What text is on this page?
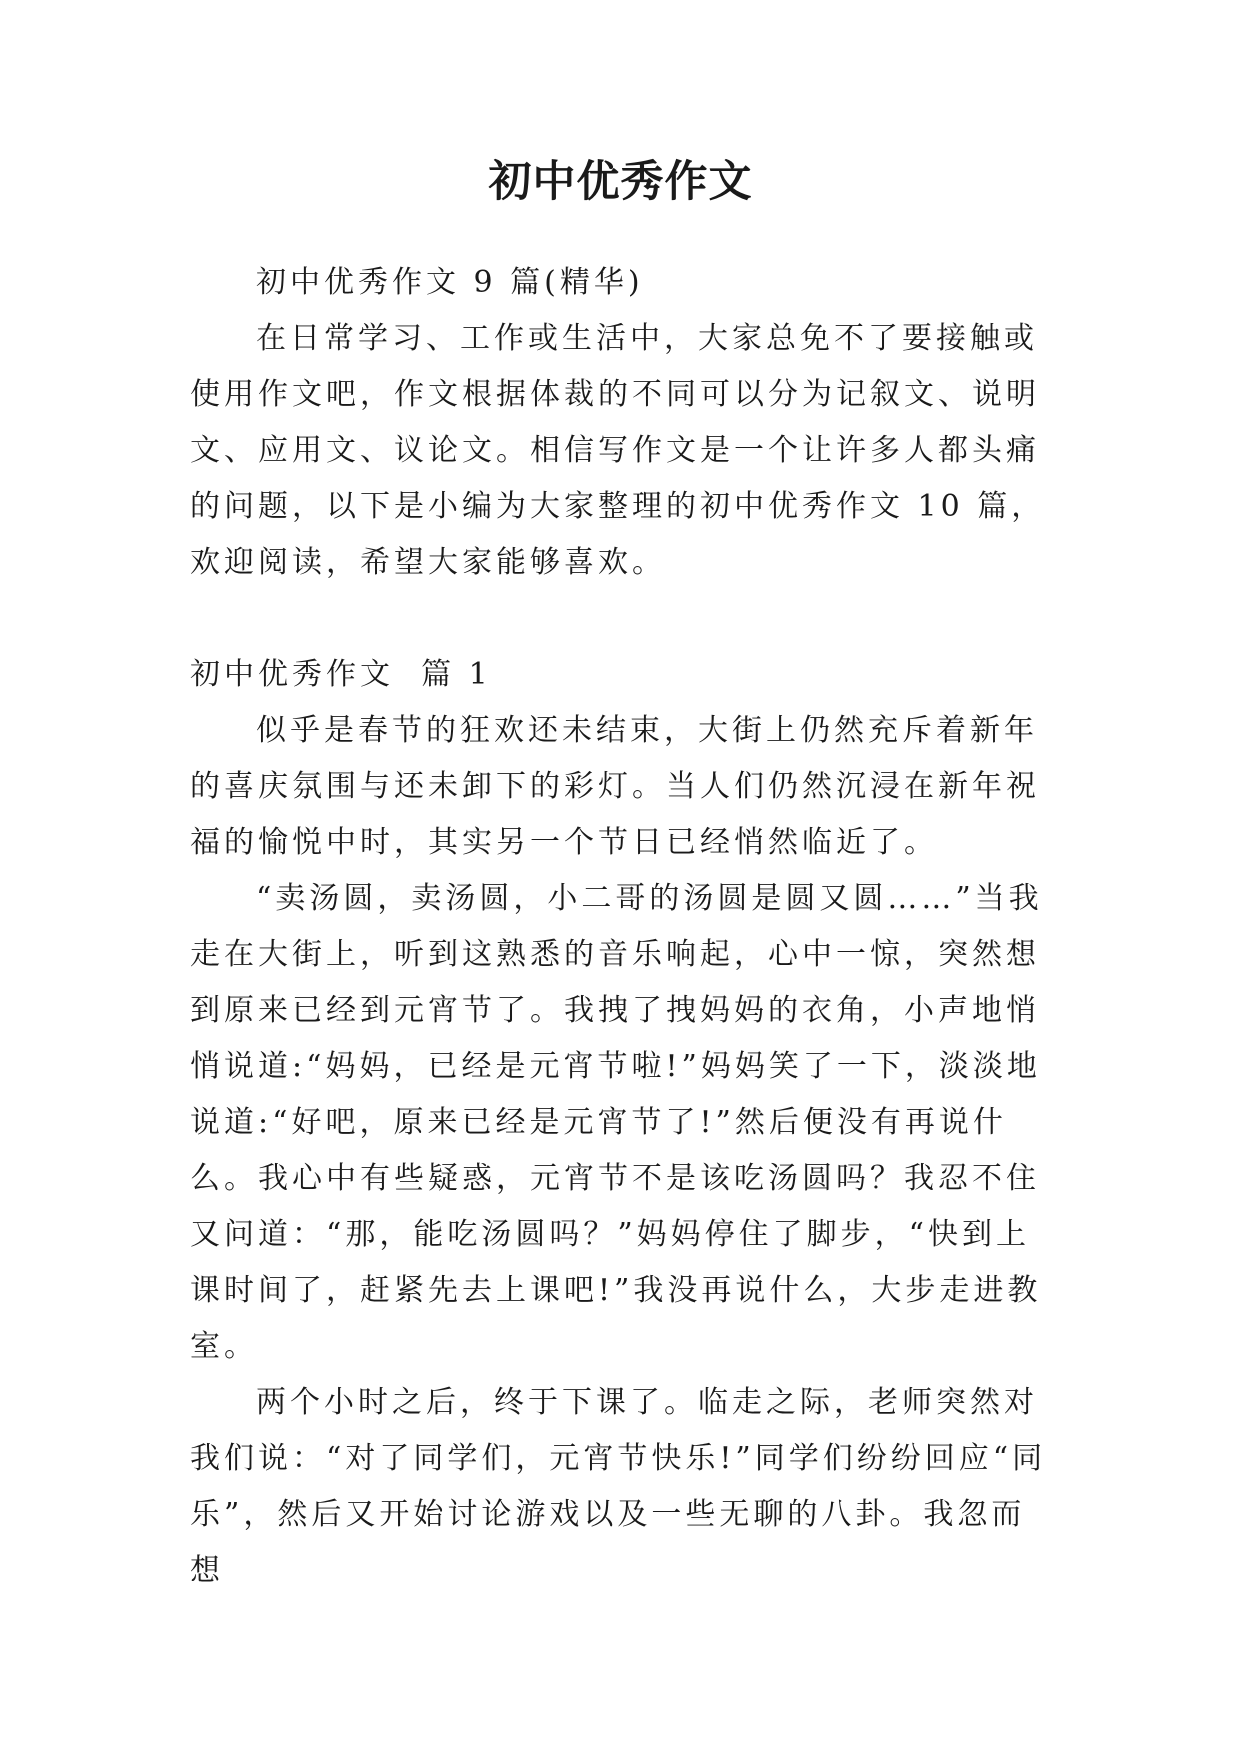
初中优秀作文

初中优秀作文 9 篇(精华)

在日常学习、工作或生活中，大家总免不了要接触或使用作文吧，作文根据体裁的不同可以分为记叙文、说明文、应用文、议论文。相信写作文是一个让许多人都头痛的问题，以下是小编为大家整理的初中优秀作文 10 篇，欢迎阅读，希望大家能够喜欢。

初中优秀作文  篇 1

似乎是春节的狂欢还未结束，大街上仍然充斥着新年的喜庆氛围与还未卸下的彩灯。当人们仍然沉浸在新年祝福的愉悦中时，其实另一个节日已经悄然临近了。

“卖汤圆，卖汤圆，小二哥的汤圆是圆又圆……”当我走在大街上，听到这熟悉的音乐响起，心中一惊，突然想到原来已经到元宵节了。我拽了拽妈妈的衣角，小声地悄悄说道:“妈妈，已经是元宵节啦!”妈妈笑了一下，淡淡地说道:“好吧，原来已经是元宵节了!”然后便没有再说什么。我心中有些疑惑，元宵节不是该吃汤圆吗？我忍不住又问道：“那，能吃汤圆吗？”妈妈停住了脚步，“快到上课时间了，赶紧先去上课吧!”我没再说什么，大步走进教室。

两个小时之后，终于下课了。临走之际，老师突然对我们说：“对了同学们，元宵节快乐!”同学们纷纷回应“同乐”，然后又开始讨论游戏以及一些无聊的八卦。我忽而想
